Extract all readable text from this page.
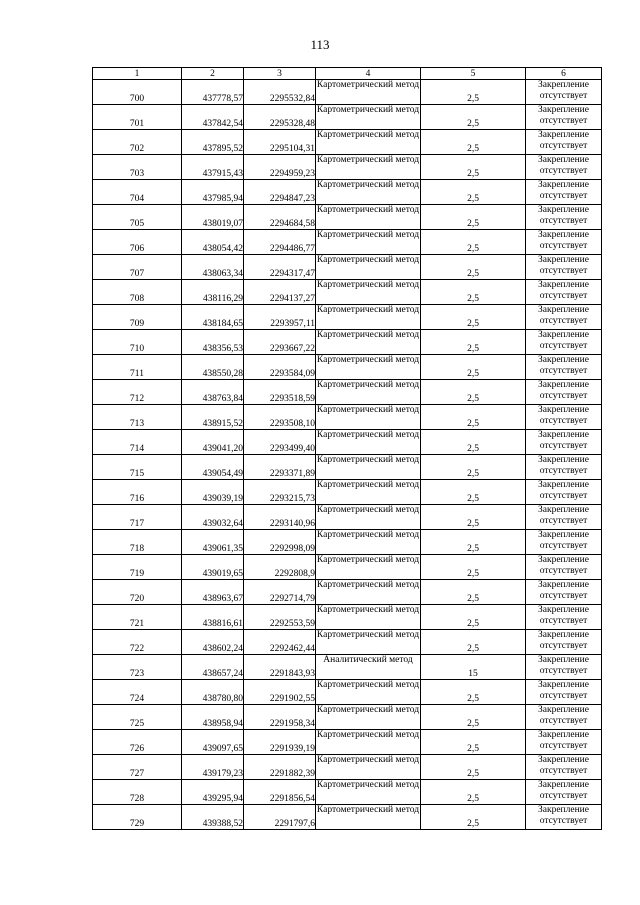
113
1	2	3	4	5	6
700	437778,57	2295532,84	Картометрический метод	2,5	Закрепление отсутствует
701	437842,54	2295328,48	Картометрический метод	2,5	Закрепление отсутствует
702	437895,52	2295104,31	Картометрический метод	2,5	Закрепление отсутствует
703	437915,43	2294959,23	Картометрический метод	2,5	Закрепление отсутствует
704	437985,94	2294847,23	Картометрический метод	2,5	Закрепление отсутствует
705	438019,07	2294684,58	Картометрический метод	2,5	Закрепление отсутствует
706	438054,42	2294486,77	Картометрический метод	2,5	Закрепление отсутствует
707	438063,34	2294317,47	Картометрический метод	2,5	Закрепление отсутствует
708	438116,29	2294137,27	Картометрический метод	2,5	Закрепление отсутствует
709	438184,65	2293957,11	Картометрический метод	2,5	Закрепление отсутствует
710	438356,53	2293667,22	Картометрический метод	2,5	Закрепление отсутствует
711	438550,28	2293584,09	Картометрический метод	2,5	Закрепление отсутствует
712	438763,84	2293518,59	Картометрический метод	2,5	Закрепление отсутствует
713	438915,52	2293508,10	Картометрический метод	2,5	Закрепление отсутствует
714	439041,20	2293499,40	Картометрический метод	2,5	Закрепление отсутствует
715	439054,49	2293371,89	Картометрический метод	2,5	Закрепление отсутствует
716	439039,19	2293215,73	Картометрический метод	2,5	Закрепление отсутствует
717	439032,64	2293140,96	Картометрический метод	2,5	Закрепление отсутствует
718	439061,35	2292998,09	Картометрический метод	2,5	Закрепление отсутствует
719	439019,65	2292808,9	Картометрический метод	2,5	Закрепление отсутствует
720	438963,67	2292714,79	Картометрический метод	2,5	Закрепление отсутствует
721	438816,61	2292553,59	Картометрический метод	2,5	Закрепление отсутствует
722	438602,24	2292462,44	Картометрический метод	2,5	Закрепление отсутствует
723	438657,24	2291843,93	Аналитический метод	15	Закрепление отсутствует
724	438780,80	2291902,55	Картометрический метод	2,5	Закрепление отсутствует
725	438958,94	2291958,34	Картометрический метод	2,5	Закрепление отсутствует
726	439097,65	2291939,19	Картометрический метод	2,5	Закрепление отсутствует
727	439179,23	2291882,39	Картометрический метод	2,5	Закрепление отсутствует
728	439295,94	2291856,54	Картометрический метод	2,5	Закрепление отсутствует
729	439388,52	2291797,6	Картометрический метод	2,5	Закрепление отсутствует
